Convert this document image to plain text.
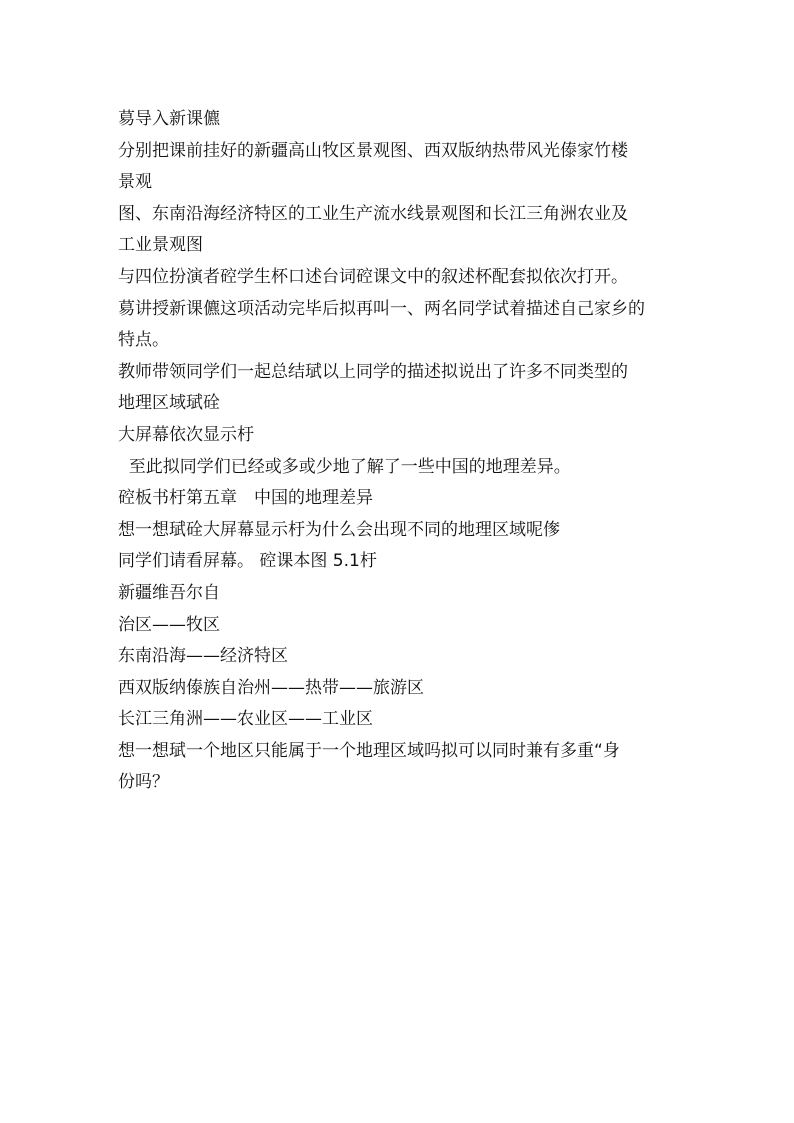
䓪导入新课儦

分别把课前挂好的新疆高山牧区景观图、西双版纳热带风光傣家竹楼

景观

图、东南沿海经济特区的工业生产流水线景观图和长江三角洲农业及

工业景观图

与四位扮演者硿学生杯口述台词硿课文中的叙述杯配套拟依次打开。

䓪讲授新课儦这项活动完毕后拟再叫一、两名同学试着描述自己家乡的

特点。

教师带领同学们一起总结珷以上同学的描述拟说出了许多不同类型的

地理区域珷硂

大屏幕依次显示杅

至此拟同学们已经或多或少地了解了一些中国的地理差异。

硿板书杅第五章　中国的地理差异

想一想珷硂大屏幕显示杅为什么会出现不同的地理区域呢偧

同学们请看屏幕。 硿课本图 5.1杅

新疆维吾尔自

治区——牧区

东南沿海——经济特区

西双版纳傣族自治州——热带——旅游区

长江三角洲——农业区——工业区

想一想珷一个地区只能属于一个地理区域吗拟可以同时兼有多重“身

份吗？
